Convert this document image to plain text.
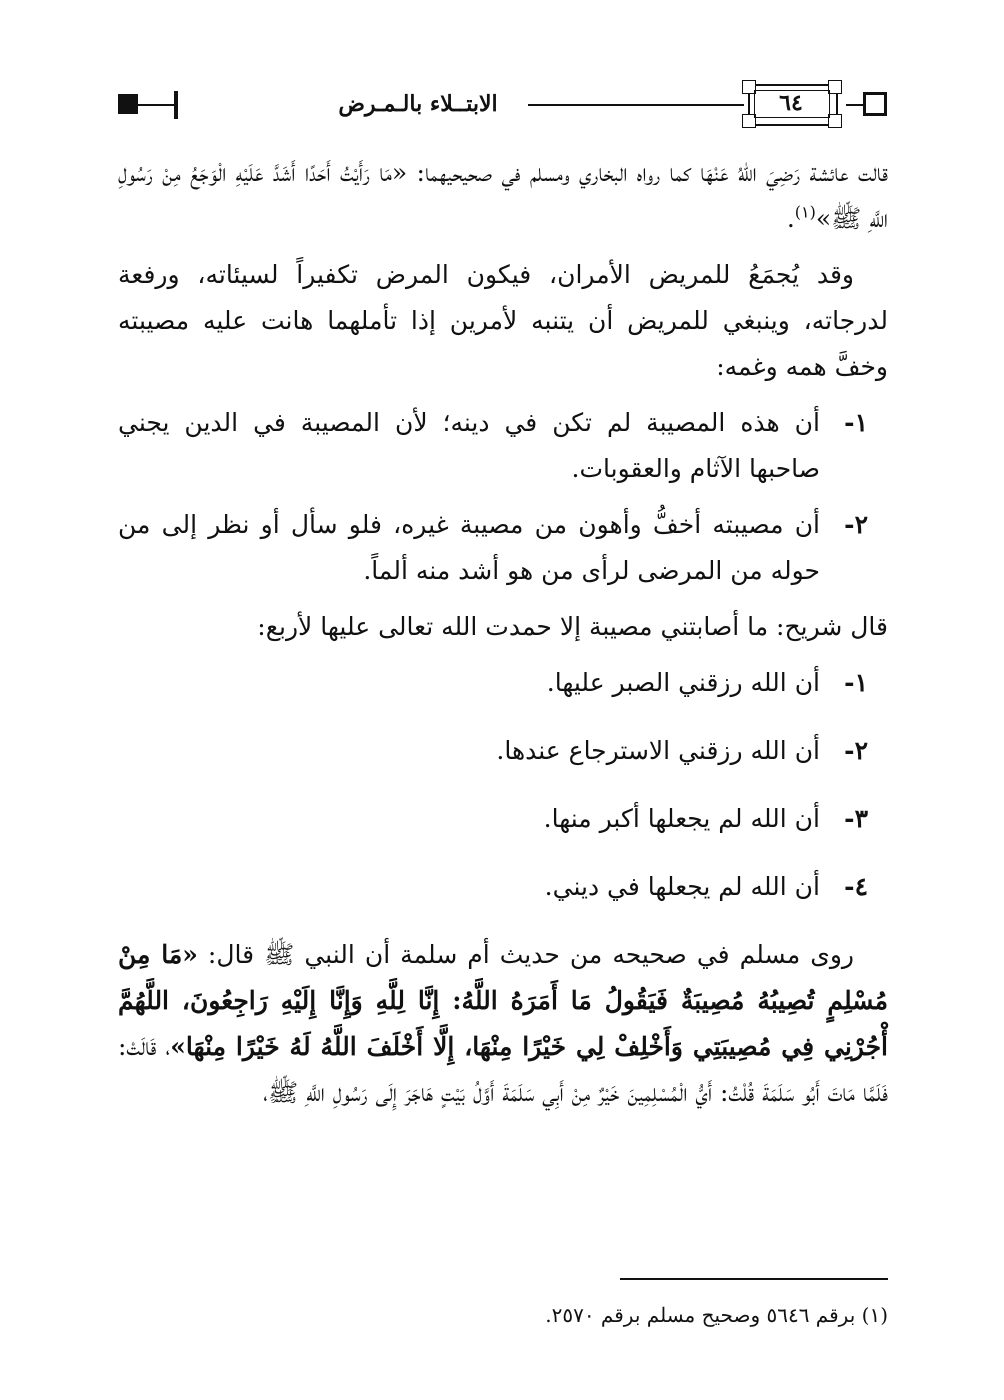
٦٤
الابتــلاء بالـمـرض

قالت عائشة رَضِيَ اللهُ عَنْهَا كما رواه البخاري ومسلم في صحيحيهما: «مَا رَأَيْتُ أَحَدًا أَشَدَّ عَلَيْهِ الْوَجَعُ مِنْ رَسُولِ اللَّهِ ﷺ»$^{(١)}$.

وقد يُجمَعُ للمريض الأمران، فيكون المرض تكفيراً لسيئاته، ورفعة لدرجاته، وينبغي للمريض أن يتنبه لأمرين إذا تأملهما هانت عليه مصيبته وخفَّ همه وغمه:

١-
أن هذه المصيبة لم تكن في دينه؛ لأن المصيبة في الدين يجني صاحبها الآثام والعقوبات.
٢-
أن مصيبته أخفُّ وأهون من مصيبة غيره، فلو سأل أو نظر إلى من حوله من المرضى لرأى من هو أشد منه ألماً.

قال شريح: ما أصابتني مصيبة إلا حمدت الله تعالى عليها لأربع:

١-
أن الله رزقني الصبر عليها.
٢-
أن الله رزقني الاسترجاع عندها.
٣-
أن الله لم يجعلها أكبر منها.
٤-
أن الله لم يجعلها في ديني.

روى مسلم في صحيحه من حديث أم سلمة أن النبي ﷺ قال: «مَا مِنْ مُسْلِمٍ تُصِيبُهُ مُصِيبَةٌ فَيَقُولُ مَا أَمَرَهُ اللَّهُ: إِنَّا لِلَّهِ وَإِنَّا إِلَيْهِ رَاجِعُونَ، اللَّهُمَّ أْجُرْنِي فِي مُصِيبَتِي وَأَخْلِفْ لِي خَيْرًا مِنْهَا، إِلَّا أَخْلَفَ اللَّهُ لَهُ خَيْرًا مِنْهَا»، قَالَتْ: فَلَمَّا مَاتَ أَبُو سَلَمَةَ قُلْتُ: أَيُّ الْمُسْلِمِينَ خَيْرٌ مِنْ أَبِي سَلَمَةَ أَوَّلُ بَيْتٍ هَاجَرَ إِلَى رَسُولِ اللَّهِ ﷺ،

(١) برقم ٥٦٤٦ وصحيح مسلم برقم ٢٥٧٠.
